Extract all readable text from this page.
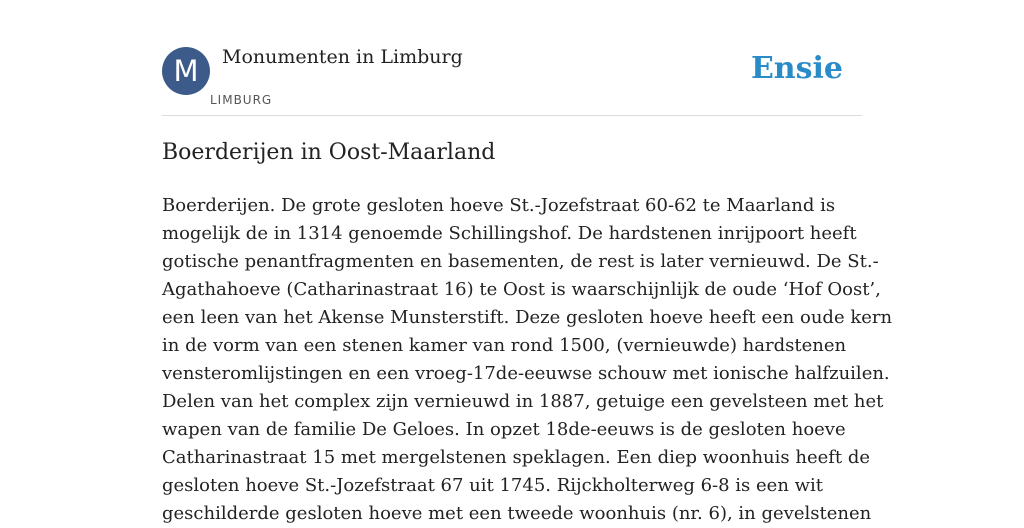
M	Monumenten in Limburg
LIMBURG
Ensie
Boerderijen in Oost-Maarland
Boerderijen. De grote gesloten hoeve St.-Jozefstraat 60-62 te Maarland is
mogelijk de in 1314 genoemde Schillingshof. De hardstenen inrijpoort heeft
gotische penantfragmenten en basementen, de rest is later vernieuwd. De St.-
Agathahoeve (Catharinastraat 16) te Oost is waarschijnlijk de oude ‘Hof Oost’,
een leen van het Akense Munsterstift. Deze gesloten hoeve heeft een oude kern
in de vorm van een stenen kamer van rond 1500, (vernieuwde) hardstenen
vensteromlijstingen en een vroeg-17de-eeuwse schouw met ionische halfzuilen.
Delen van het complex zijn vernieuwd in 1887, getuige een gevelsteen met het
wapen van de familie De Geloes. In opzet 18de-eeuws is de gesloten hoeve
Catharinastraat 15 met mergelstenen speklagen. Een diep woonhuis heeft de
gesloten hoeve St.-Jozefstraat 67 uit 1745. Rijckholterweg 6-8 is een wit
geschilderde gesloten hoeve met een tweede woonhuis (nr. 6), in gevelstenen
